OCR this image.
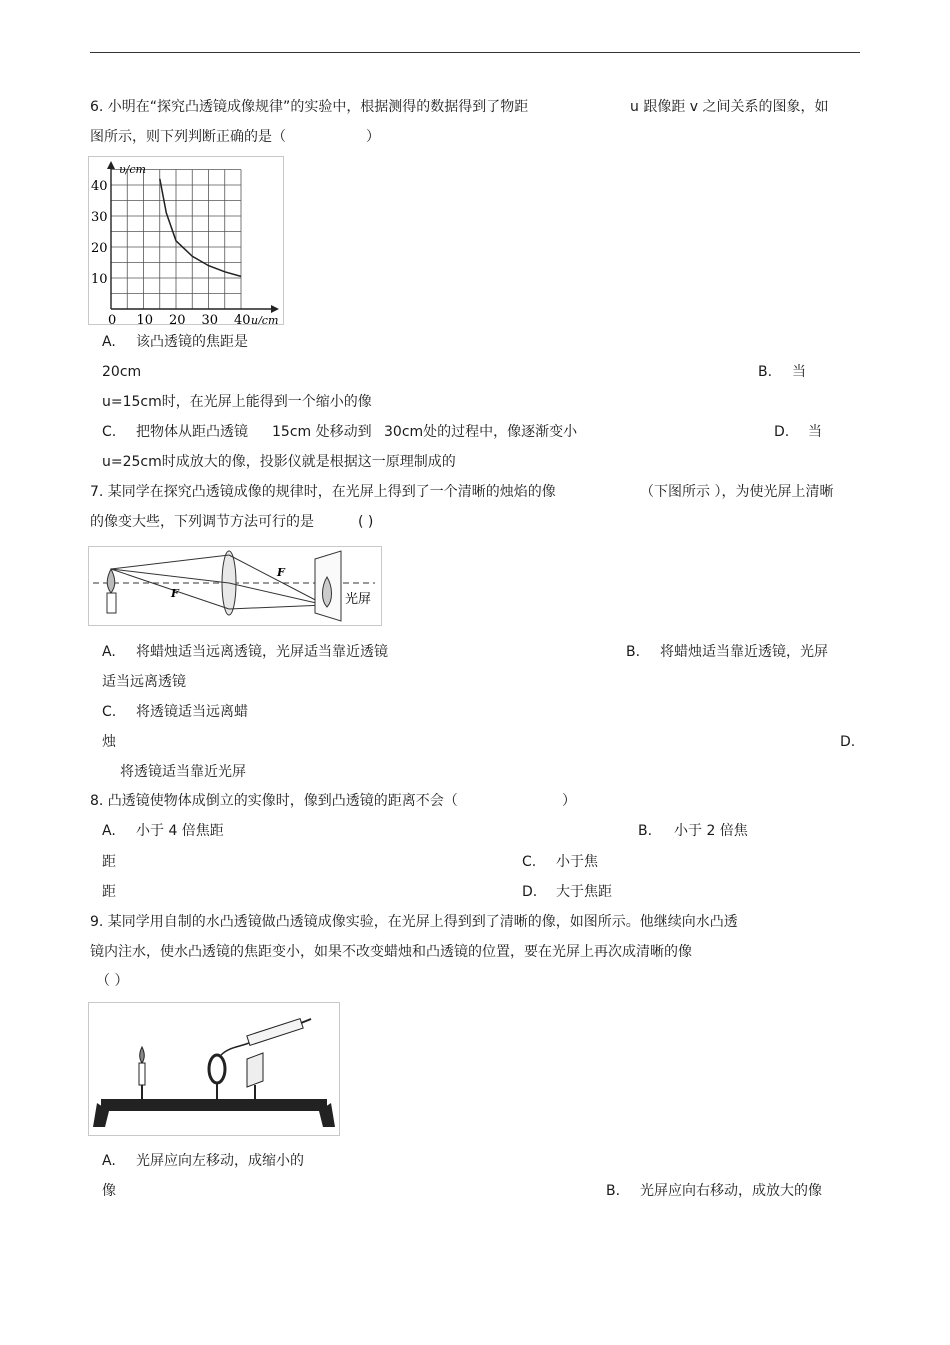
6. 小明在“探究凸透镜成像规律”的实验中，根据测得的数据得到了物距	u 跟像距 v 之间关系的图象，如
图所示，则下列判断正确的是（	）
0 10 20 30 40
10
20
30
40
υ/cm
u/cm
A. 该凸透镜的焦距是
20cm	B. 当
u=15cm时，在光屏上能得到一个缩小的像
C. 把物体从距凸透镜 15cm 处移动到 30cm处的过程中，像逐渐变小	D. 当
u=25cm时成放大的像，投影仪就是根据这一原理制成的
7. 某同学在探究凸透镜成像的规律时，在光屏上得到了一个清晰的烛焰的像	（下图所示 ），为使光屏上清晰
的像变大些，下列调节方法可行的是	( )
F
F	光屏
A. 将蜡烛适当远离透镜，光屏适当靠近透镜	B. 将蜡烛适当靠近透镜，光屏
适当远离透镜
C. 将透镜适当远离蜡
烛	D.
将透镜适当靠近光屏
8. 凸透镜使物体成倒立的实像时，像到凸透镜的距离不会（	）
A. 小于 4 倍焦距	B. 小于 2 倍焦
距	C. 小于焦
距	D. 大于焦距
9. 某同学用自制的水凸透镜做凸透镜成像实验，在光屏上得到到了清晰的像，如图所示。他继续向水凸透
镜内注水，使水凸透镜的焦距变小，如果不改变蜡烛和凸透镜的位置，要在光屏上再次成清晰的像
（ ）
A. 光屏应向左移动，成缩小的
像	B. 光屏应向右移动，成放大的像
